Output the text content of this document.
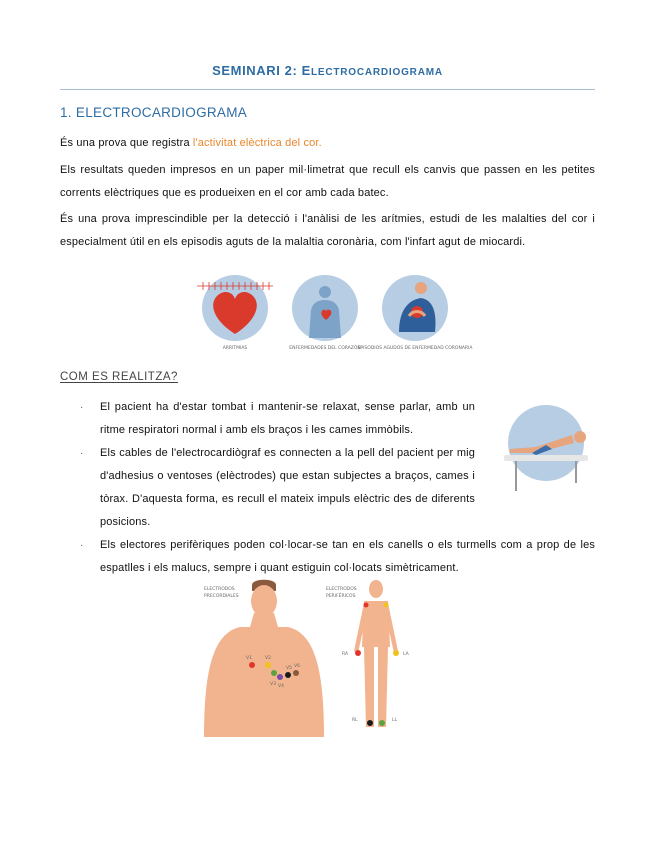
SEMINARI 2: ELECTROCARDIOGRAMA
1. ELECTROCARDIOGRAMA
És una prova que registra l'activitat elèctrica del cor.
Els resultats queden impresos en un paper mil·limetrat que recull els canvis que passen en les petites corrents elèctriques que es produeixen en el cor amb cada batec.
És una prova imprescindible per la detecció i l'anàlisi de les arítmies, estudi de les malalties del cor i especialment útil en els episodis aguts de la malaltia coronària, com l'infart agut de miocardi.
ARRITMIAS	ENFERMEDADES DEL CORAZÓN
EPISODIOS AGUDOS DE ENFERMEDAD CORONARIA
COM ES REALITZA?
· El pacient ha d'estar tombat i mantenir-se relaxat, sense parlar, amb un ritme respiratori normal i amb els braços i les cames immòbils.
· Els cables de l'electrocardiògraf es connecten a la pell del pacient per mig d'adhesius o ventoses (elèctrodes) que estan subjectes a braços, cames i tòrax. D'aquesta forma, es recull el mateix impuls elèctric des de diferents posicions.
· Els electores perifèriques poden col·locar-se tan en els canells o els turmells com a prop de les espatlles i els malucs, sempre i quant estiguin col·locats simètricament.
ELECTRODOS
PRECORDIALES
V1	V2
V3 V4
V5 V6
ELECTRODOS
PERIFÉRICOS
RA	LA
RL	LL
